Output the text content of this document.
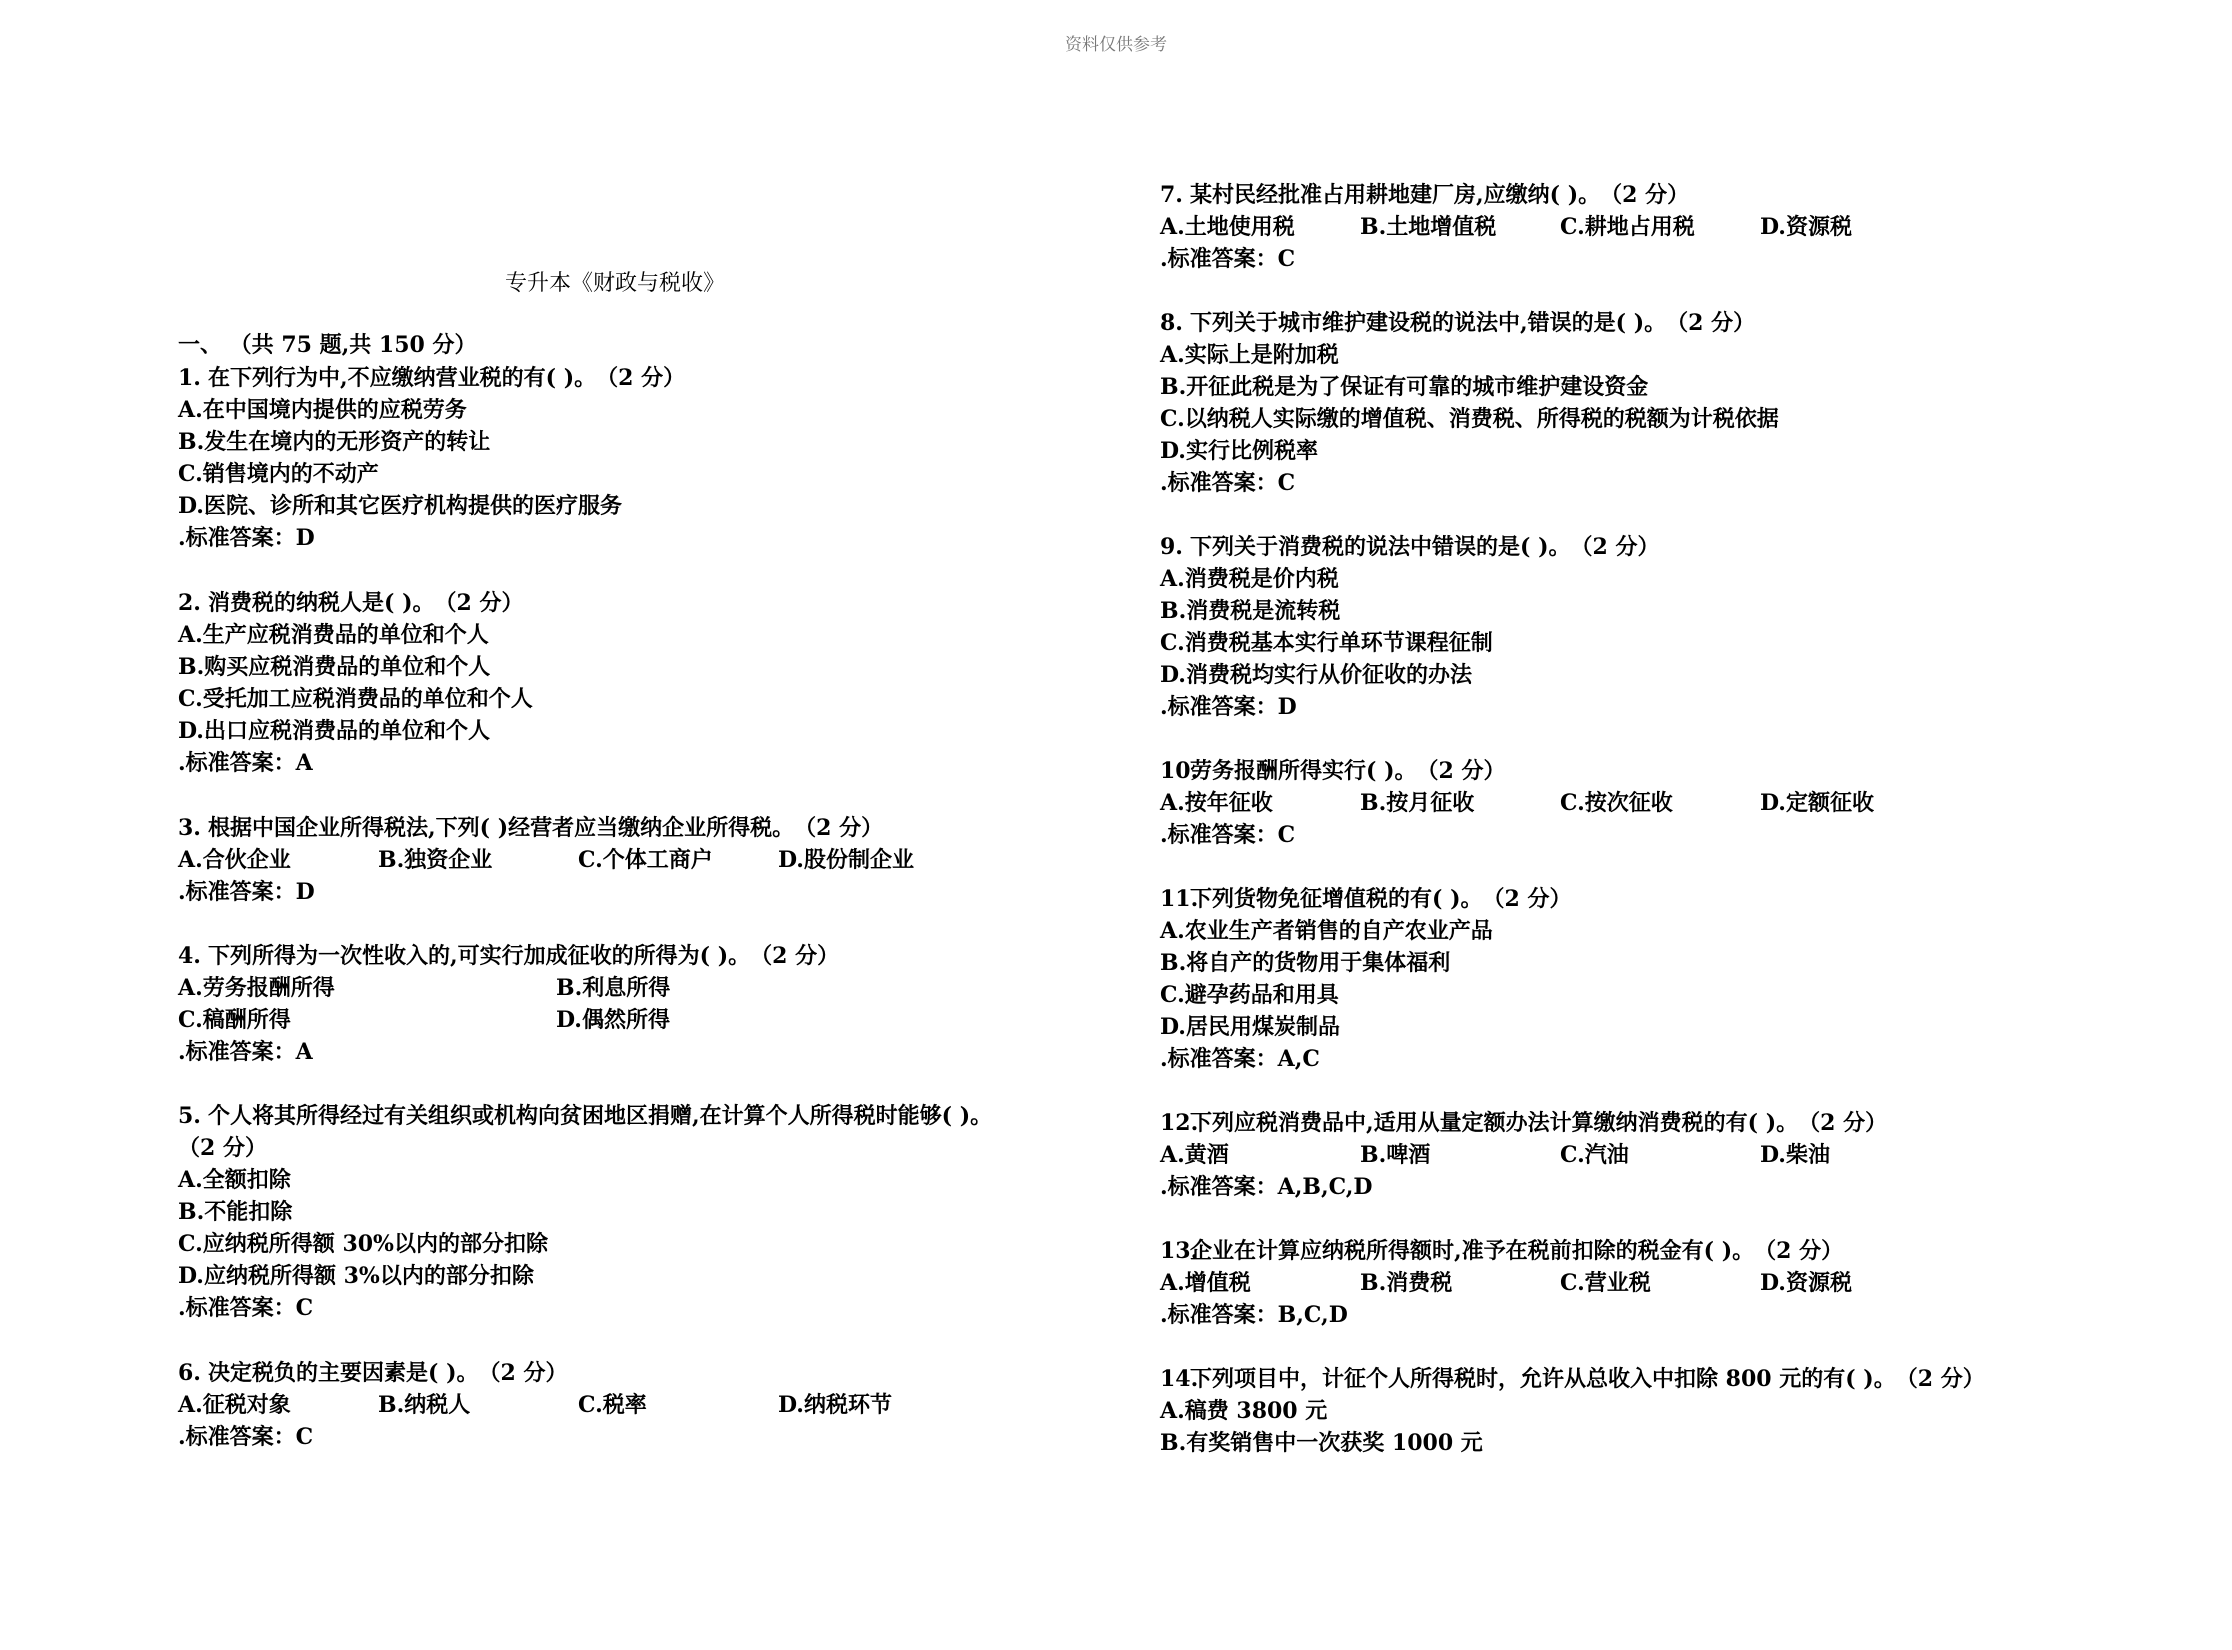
资料仅供参考
专升本《财政与税收》
一、 （共 75 题,共 150 分）
1. 在下列行为中,不应缴纳营业税的有( )。（2 分）
A.在中国境内提供的应税劳务
B.发生在境内的无形资产的转让
C.销售境内的不动产
D.医院、诊所和其它医疗机构提供的医疗服务
.标准答案：D
2. 消费税的纳税人是( )。（2 分）
A.生产应税消费品的单位和个人
B.购买应税消费品的单位和个人
C.受托加工应税消费品的单位和个人
D.出口应税消费品的单位和个人
.标准答案：A
3. 根据中国企业所得税法,下列( )经营者应当缴纳企业所得税。（2 分）
A.合伙企业	B.独资企业	C.个体工商户	D.股份制企业
.标准答案：D
4. 下列所得为一次性收入的,可实行加成征收的所得为( )。（2 分）
A.劳务报酬所得	B.利息所得
C.稿酬所得	D.偶然所得
.标准答案：A
5. 个人将其所得经过有关组织或机构向贫困地区捐赠,在计算个人所得税时能够( )。
（2 分）
A.全额扣除
B.不能扣除
C.应纳税所得额 30%以内的部分扣除
D.应纳税所得额 3%以内的部分扣除
.标准答案：C
6. 决定税负的主要因素是( )。（2 分）
A.征税对象	B.纳税人	C.税率	D.纳税环节
.标准答案：C
7. 某村民经批准占用耕地建厂房,应缴纳( )。（2 分）
A.土地使用税	B.土地增值税	C.耕地占用税	D.资源税
.标准答案：C
8. 下列关于城市维护建设税的说法中,错误的是( )。（2 分）
A.实际上是附加税
B.开征此税是为了保证有可靠的城市维护建设资金
C.以纳税人实际缴的增值税、消费税、所得税的税额为计税依据
D.实行比例税率
.标准答案：C
9. 下列关于消费税的说法中错误的是( )。（2 分）
A.消费税是价内税
B.消费税是流转税
C.消费税基本实行单环节课程征制
D.消费税均实行从价征收的办法
.标准答案：D
10.劳务报酬所得实行( )。（2 分）
A.按年征收	B.按月征收	C.按次征收	D.定额征收
.标准答案：C
11.下列货物免征增值税的有( )。（2 分）
A.农业生产者销售的自产农业产品
B.将自产的货物用于集体福利
C.避孕药品和用具
D.居民用煤炭制品
.标准答案：A,C
12.下列应税消费品中,适用从量定额办法计算缴纳消费税的有( )。（2 分）
A.黄酒	B.啤酒	C.汽油	D.柴油
.标准答案：A,B,C,D
13.企业在计算应纳税所得额时,准予在税前扣除的税金有( )。（2 分）
A.增值税	B.消费税	C.营业税	D.资源税
.标准答案：B,C,D
14.下列项目中，计征个人所得税时，允许从总收入中扣除 800 元的有( )。（2 分）
A.稿费 3800 元
B.有奖销售中一次获奖 1000 元
